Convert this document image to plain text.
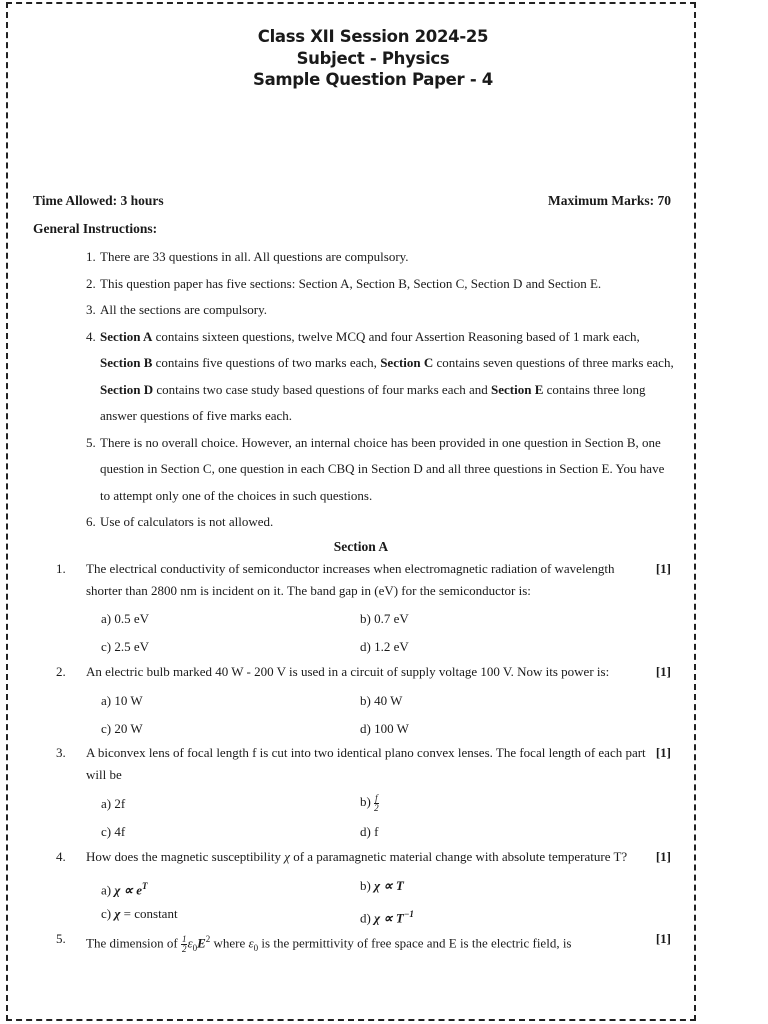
Class XII Session 2024-25
Subject - Physics
Sample Question Paper - 4
Time Allowed: 3 hours	Maximum Marks: 70
General Instructions:
1. There are 33 questions in all. All questions are compulsory.
2. This question paper has five sections: Section A, Section B, Section C, Section D and Section E.
3. All the sections are compulsory.
4. Section A contains sixteen questions, twelve MCQ and four Assertion Reasoning based of 1 mark each, Section B contains five questions of two marks each, Section C contains seven questions of three marks each, Section D contains two case study based questions of four marks each and Section E contains three long answer questions of five marks each.
5. There is no overall choice. However, an internal choice has been provided in one question in Section B, one question in Section C, one question in each CBQ in Section D and all three questions in Section E. You have to attempt only one of the choices in such questions.
6. Use of calculators is not allowed.
Section A
1. The electrical conductivity of semiconductor increases when electromagnetic radiation of wavelength shorter than 2800 nm is incident on it. The band gap in (eV) for the semiconductor is:
[1]
a) 0.5 eV	b) 0.7 eV
c) 2.5 eV	d) 1.2 eV
2. An electric bulb marked 40 W - 200 V is used in a circuit of supply voltage 100 V. Now its power is:	[1]
a) 10 W	b) 40 W
c) 20 W	d) 100 W
3. A biconvex lens of focal length f is cut into two identical plano convex lenses. The focal length of each part will be
[1]
a) 2f	$b) \frac{f}{2}$
c) 4f	d) f
4. How does the magnetic susceptibility χ of a paramagnetic material change with absolute temperature T?	[1]
a) $\chi \propto e^T$	b) χ ∝ T
c) χ = constant	d) $\chi \propto T^{-1}$
5. The dimension of $\frac{1}{2} \varepsilon_0E^2$ where $\varepsilon_0$ is the permittivity of free space and E is the electric field, is	[1]
